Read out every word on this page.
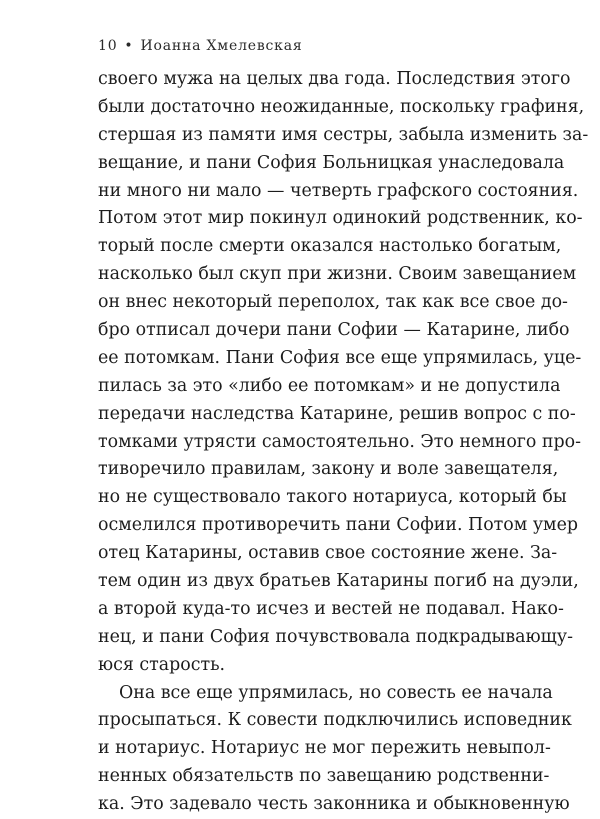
10 • Иоанна Хмелевская
своего мужа на целых два года. Последствия этого
были достаточно неожиданные, поскольку графиня,
стершая из памяти имя сестры, забыла изменить за-
вещание, и пани София Больницкая унаследовала
ни много ни мало — четверть графского состояния.
Потом этот мир покинул одинокий родственник, ко-
торый после смерти оказался настолько богатым,
насколько был скуп при жизни. Своим завещанием
он внес некоторый переполох, так как все свое до-
бро отписал дочери пани Софии — Катарине, либо
ее потомкам. Пани София все еще упрямилась, уце-
пилась за это «либо ее потомкам» и не допустила
передачи наследства Катарине, решив вопрос с по-
томками утрясти самостоятельно. Это немного про-
тиворечило правилам, закону и воле завещателя,
но не существовало такого нотариуса, который бы
осмелился противоречить пани Софии. Потом умер
отец Катарины, оставив свое состояние жене. За-
тем один из двух братьев Катарины погиб на дуэли,
а второй куда-то исчез и вестей не подавал. Нако-
нец, и пани София почувствовала подкрадывающу-
юся старость.
Она все еще упрямилась, но совесть ее начала
просыпаться. К совести подключились исповедник
и нотариус. Нотариус не мог пережить невыпол-
ненных обязательств по завещанию родственни-
ка. Это задевало честь законника и обыкновенную
